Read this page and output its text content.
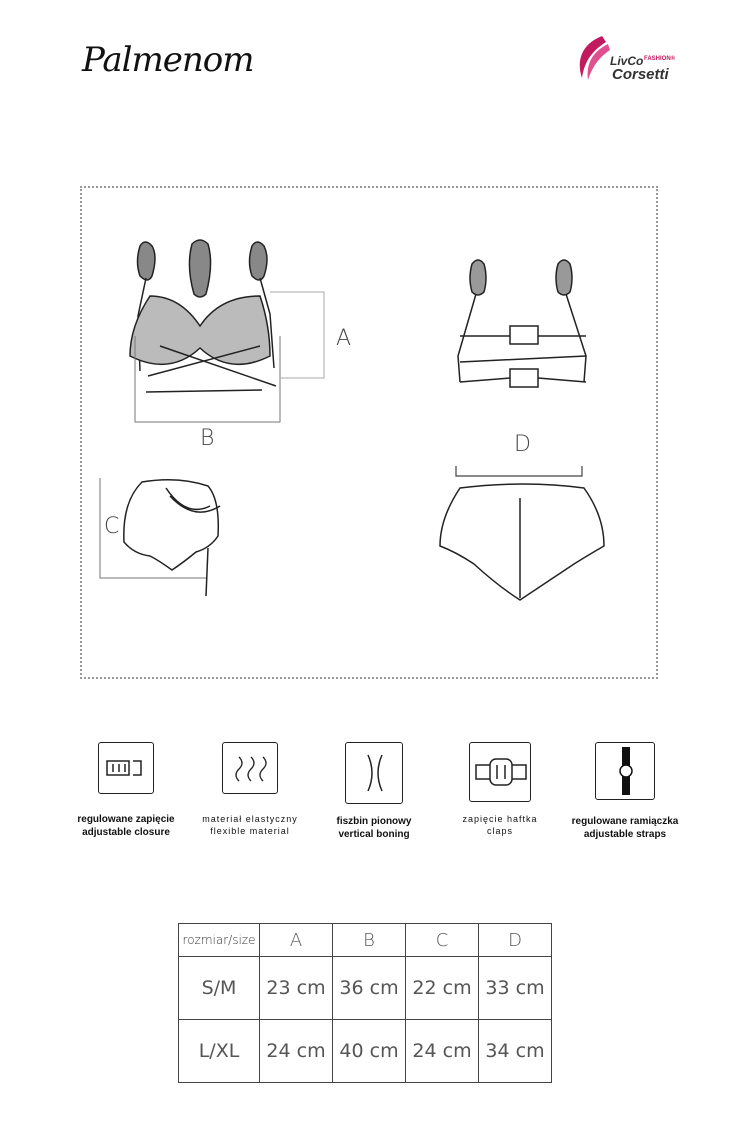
Palmenom	LivCo FASHION®
Corsetti
A
B
C
D
regulowane zapięcie
adjustable closure
materiał elastyczny
flexible material
fiszbin pionowy
vertical boning
zapięcie haftka
claps
regulowane ramiączka
adjustable straps
rozmiar/size	A	B	C	D
S/M	23 cm	36 cm	22 cm	33 cm
L/XL	24 cm	40 cm	24 cm	34 cm
